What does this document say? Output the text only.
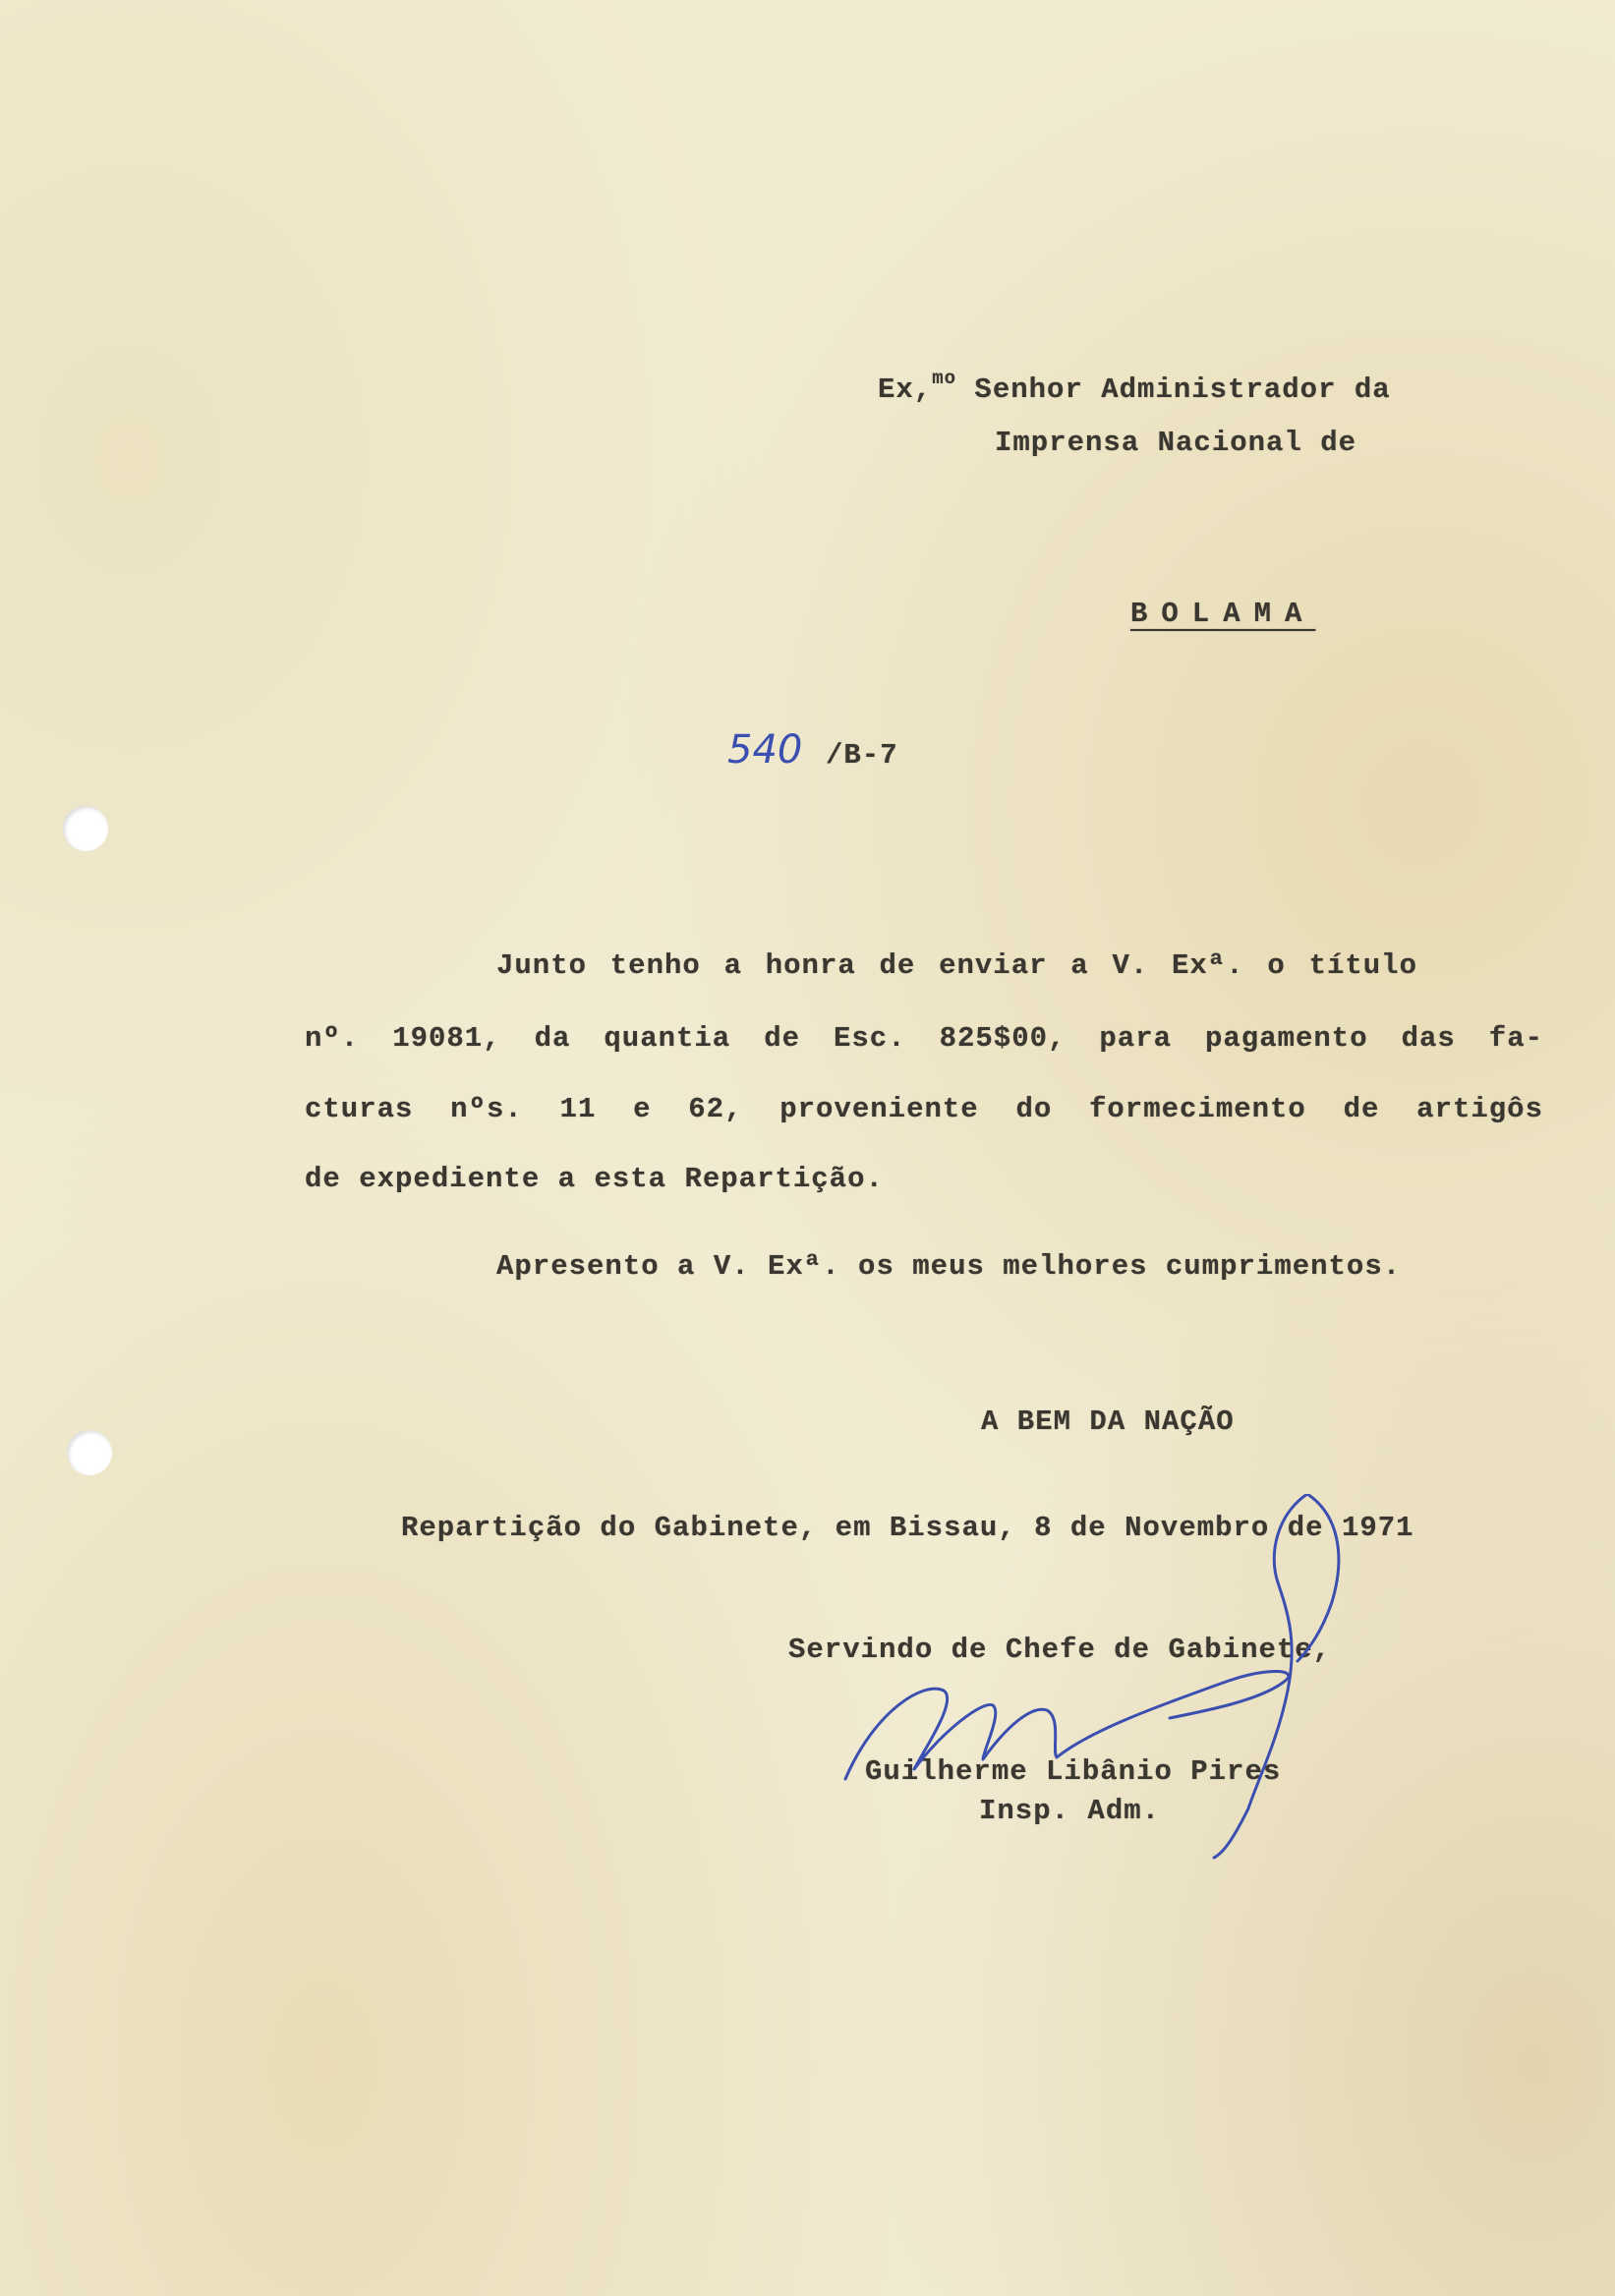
Ex,$^{mo}$ Senhor Administrador da
Imprensa Nacional de
BOLAMA
540 /B-7
Junto tenho a honra de enviar a V. Exª. o título
nº. 19081, da quantia de Esc. 825$00, para pagamento das fa-
cturas nºs. 11 e 62, proveniente do formecimento de artigôs
de expediente a esta Repartição.
Apresento a V. Exª. os meus melhores cumprimentos.
A BEM DA NAÇÃO
Repartição do Gabinete, em Bissau, 8 de Novembro de 1971
Servindo de Chefe de Gabinete,
Guilherme Libânio Pires
Insp. Adm.
